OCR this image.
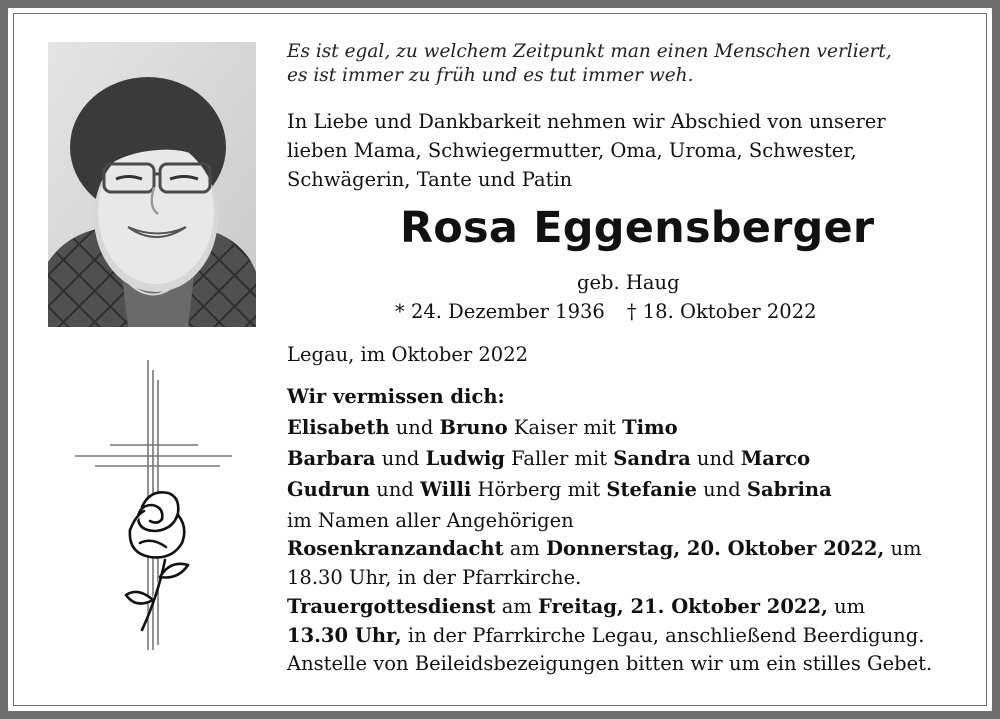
Es ist egal, zu welchem Zeitpunkt man einen Menschen verliert,
es ist immer zu früh und es tut immer weh.
In Liebe und Dankbarkeit nehmen wir Abschied von unserer
lieben Mama, Schwiegermutter, Oma, Uroma, Schwester,
Schwägerin, Tante und Patin
Rosa Eggensberger
geb. Haug
* 24. Dezember 1936 † 18. Oktober 2022
Legau, im Oktober 2022
Wir vermissen dich:
Elisabeth und Bruno Kaiser mit Timo
Barbara und Ludwig Faller mit Sandra und Marco
Gudrun und Willi Hörberg mit Stefanie und Sabrina
im Namen aller Angehörigen
Rosenkranzandacht am Donnerstag, 20. Oktober 2022, um
18.30 Uhr, in der Pfarrkirche.
Trauergottesdienst am Freitag, 21. Oktober 2022, um
13.30 Uhr, in der Pfarrkirche Legau, anschließend Beerdigung.
Anstelle von Beileidsbezeigungen bitten wir um ein stilles Gebet.
